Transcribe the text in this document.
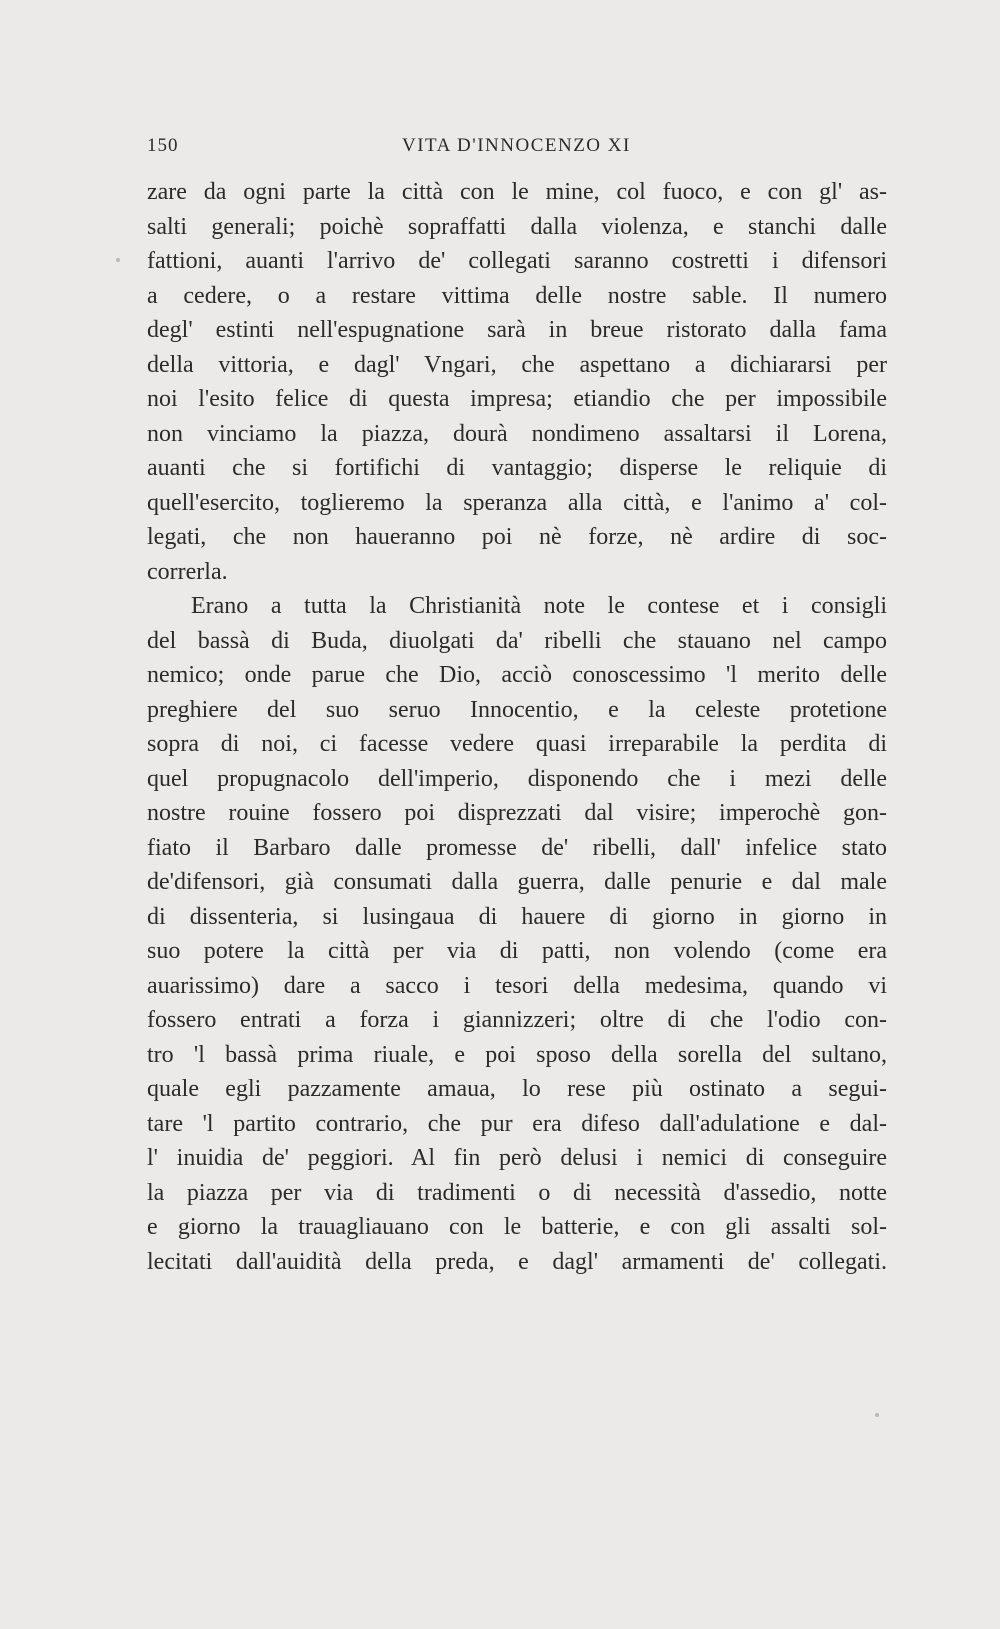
150	VITA D'INNOCENZO XI
zare da ogni parte la città con le mine, col fuoco, e con gl' as-
salti generali; poichè sopraffatti dalla violenza, e stanchi dalle
fattioni, auanti l'arrivo de' collegati saranno costretti i difensori
a cedere, o a restare vittima delle nostre sable. Il numero
degl' estinti nell'espugnatione sarà in breue ristorato dalla fama
della vittoria, e dagl' Vngari, che aspettano a dichiararsi per
noi l'esito felice di questa impresa; etiandio che per impossibile
non vinciamo la piazza, dourà nondimeno assaltarsi il Lorena,
auanti che si fortifichi di vantaggio; disperse le reliquie di
quell'esercito, toglieremo la speranza alla città, e l'animo a' col-
legati, che non haueranno poi nè forze, nè ardire di soc-
correrla.
Erano a tutta la Christianità note le contese et i consigli
del bassà di Buda, diuolgati da' ribelli che stauano nel campo
nemico; onde parue che Dio, acciò conoscessimo 'l merito delle
preghiere del suo seruo Innocentio, e la celeste protetione
sopra di noi, ci facesse vedere quasi irreparabile la perdita di
quel propugnacolo dell'imperio, disponendo che i mezi delle
nostre rouine fossero poi disprezzati dal visire; imperochè gon-
fiato il Barbaro dalle promesse de' ribelli, dall' infelice stato
de'difensori, già consumati dalla guerra, dalle penurie e dal male
di dissenteria, si lusingaua di hauere di giorno in giorno in
suo potere la città per via di patti, non volendo (come era
auarissimo) dare a sacco i tesori della medesima, quando vi
fossero entrati a forza i giannizzeri; oltre di che l'odio con-
tro 'l bassà prima riuale, e poi sposo della sorella del sultano,
quale egli pazzamente amaua, lo rese più ostinato a segui-
tare 'l partito contrario, che pur era difeso dall'adulatione e dal-
l' inuidia de' peggiori. Al fin però delusi i nemici di conseguire
la piazza per via di tradimenti o di necessità d'assedio, notte
e giorno la trauagliauano con le batterie, e con gli assalti sol-
lecitati dall'auidità della preda, e dagl' armamenti de' collegati.
